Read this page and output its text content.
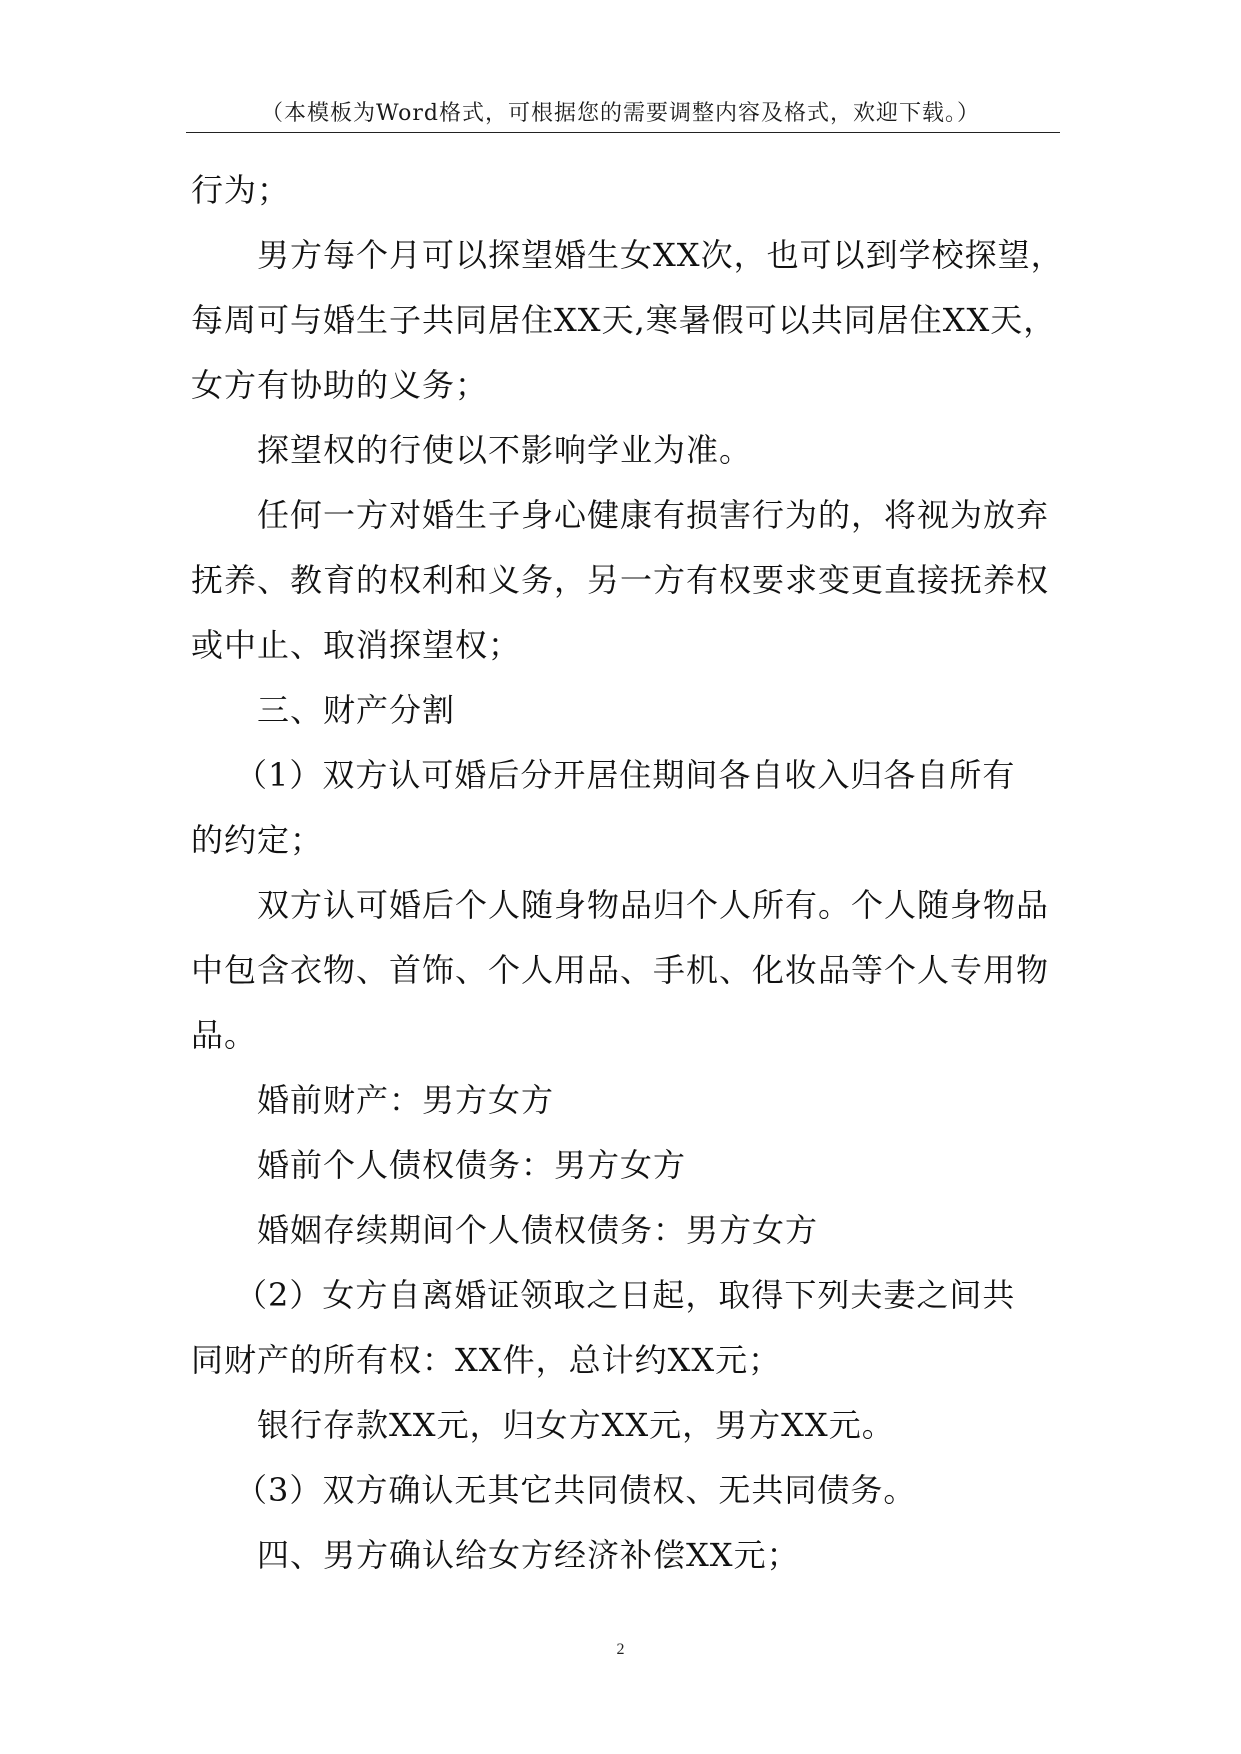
（本模板为Word格式，可根据您的需要调整内容及格式，欢迎下载。）
行为；
男方每个月可以探望婚生女XX次，也可以到学校探望，
每周可与婚生子共同居住XX天,寒暑假可以共同居住XX天，
女方有协助的义务；
探望权的行使以不影响学业为准。
任何一方对婚生子身心健康有损害行为的，将视为放弃
抚养、教育的权利和义务，另一方有权要求变更直接抚养权
或中止、取消探望权；
三、财产分割
（1）双方认可婚后分开居住期间各自收入归各自所有
的约定；
双方认可婚后个人随身物品归个人所有。个人随身物品
中包含衣物、首饰、个人用品、手机、化妆品等个人专用物
品。
婚前财产：男方女方
婚前个人债权债务：男方女方
婚姻存续期间个人债权债务：男方女方
（2）女方自离婚证领取之日起，取得下列夫妻之间共
同财产的所有权：XX件，总计约XX元；
银行存款XX元，归女方XX元，男方XX元。
（3）双方确认无其它共同债权、无共同债务。
四、男方确认给女方经济补偿XX元；
2
